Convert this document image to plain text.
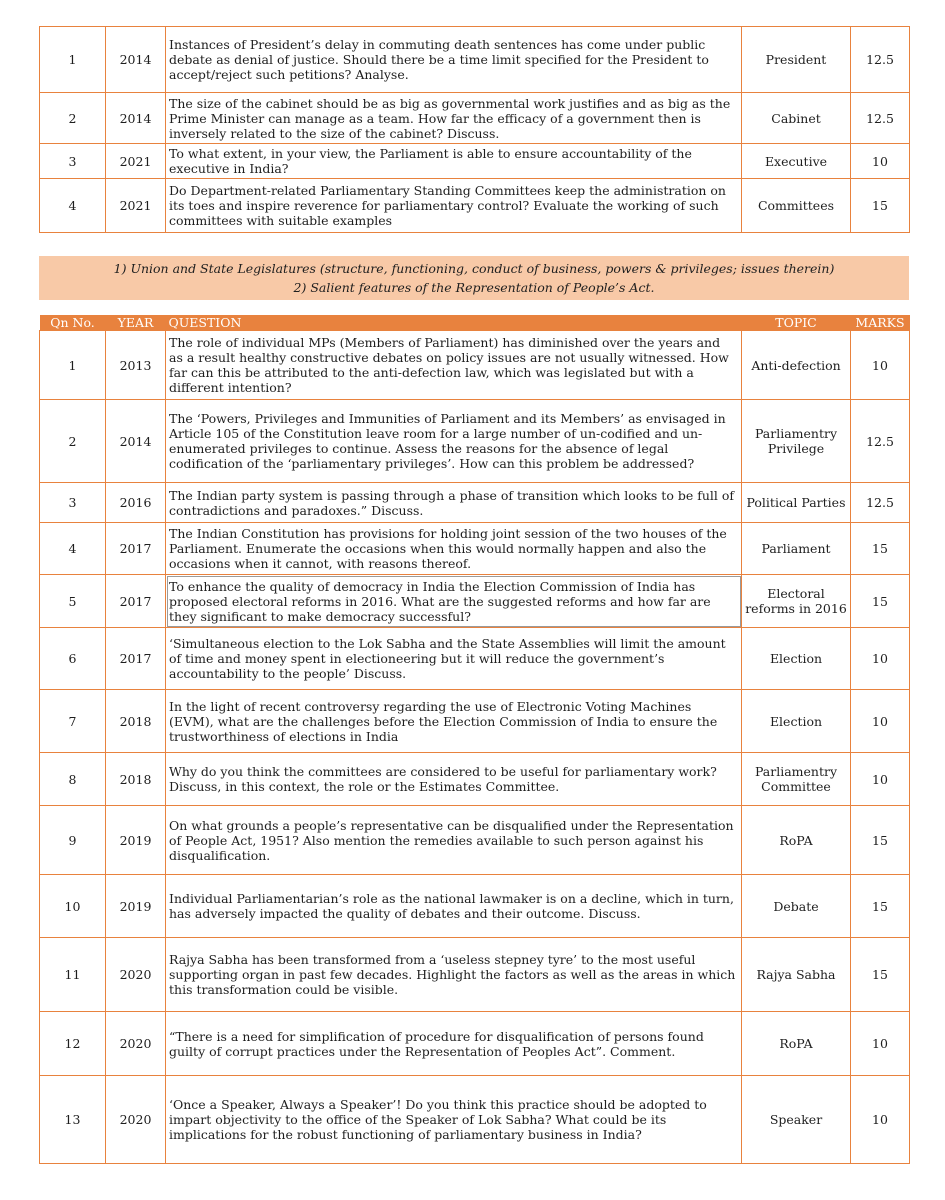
1	2014	Instances of President’s delay in commuting death sentences has come under public debate as denial of justice. Should there be a time limit specified for the President to accept/reject such petitions? Analyse.	President	12.5
2	2014	The size of the cabinet should be as big as governmental work justifies and as big as the Prime Minister can manage as a team. How far the efficacy of a government then is inversely related to the size of the cabinet? Discuss.	Cabinet	12.5
3	2021	To what extent, in your view, the Parliament is able to ensure accountability of the executive in India?	Executive	10
4	2021	Do Department-related Parliamentary Standing Committees keep the administration on its toes and inspire reverence for parliamentary control? Evaluate the working of such committees with suitable examples	Committees	15
1) Union and State Legislatures (structure, functioning, conduct of business, powers & privileges; issues therein)
2) Salient features of the Representation of People’s Act.
Qn No.	YEAR	QUESTION	TOPIC	MARKS
1	2013	The role of individual MPs (Members of Parliament) has diminished over the years and as a result healthy constructive debates on policy issues are not usually witnessed. How far can this be attributed to the anti-defection law, which was legislated but with a different intention?	Anti-defection	10
2	2014	The ‘Powers, Privileges and Immunities of Parliament and its Members’ as envisaged in Article 105 of the Constitution leave room for a large number of un-codified and un-enumerated privileges to continue. Assess the reasons for the absence of legal codification of the ‘parliamentary privileges’. How can this problem be addressed?	Parliamentry Privilege	12.5
3	2016	The Indian party system is passing through a phase of transition which looks to be full of contradictions and paradoxes.” Discuss.	Political Parties	12.5
4	2017	The Indian Constitution has provisions for holding joint session of the two houses of the Parliament. Enumerate the occasions when this would normally happen and also the occasions when it cannot, with reasons thereof.	Parliament	15
5	2017	To enhance the quality of democracy in India the Election Commission of India has proposed electoral reforms in 2016. What are the suggested reforms and how far are they significant to make democracy successful?	Electoral reforms in 2016	15
6	2017	‘Simultaneous election to the Lok Sabha and the State Assemblies will limit the amount of time and money spent in electioneering but it will reduce the government’s accountability to the people’ Discuss.	Election	10
7	2018	In the light of recent controversy regarding the use of Electronic Voting Machines (EVM), what are the challenges before the Election Commission of India to ensure the trustworthiness of elections in India	Election	10
8	2018	Why do you think the committees are considered to be useful for parliamentary work? Discuss, in this context, the role or the Estimates Committee.	Parliamentry Committee	10
9	2019	On what grounds a people’s representative can be disqualified under the Representation of People Act, 1951? Also mention the remedies available to such person against his disqualification.	RoPA	15
10	2019	Individual Parliamentarian’s role as the national lawmaker is on a decline, which in turn, has adversely impacted the quality of debates and their outcome. Discuss.	Debate	15
11	2020	Rajya Sabha has been transformed from a ‘useless stepney tyre’ to the most useful supporting organ in past few decades. Highlight the factors as well as the areas in which this transformation could be visible.	Rajya Sabha	15
12	2020	“There is a need for simplification of procedure for disqualification of persons found guilty of corrupt practices under the Representation of Peoples Act”. Comment.	RoPA	10
13	2020	‘Once a Speaker, Always a Speaker’! Do you think this practice should be adopted to impart objectivity to the office of the Speaker of Lok Sabha? What could be its implications for the robust functioning of parliamentary business in India?	Speaker	10
